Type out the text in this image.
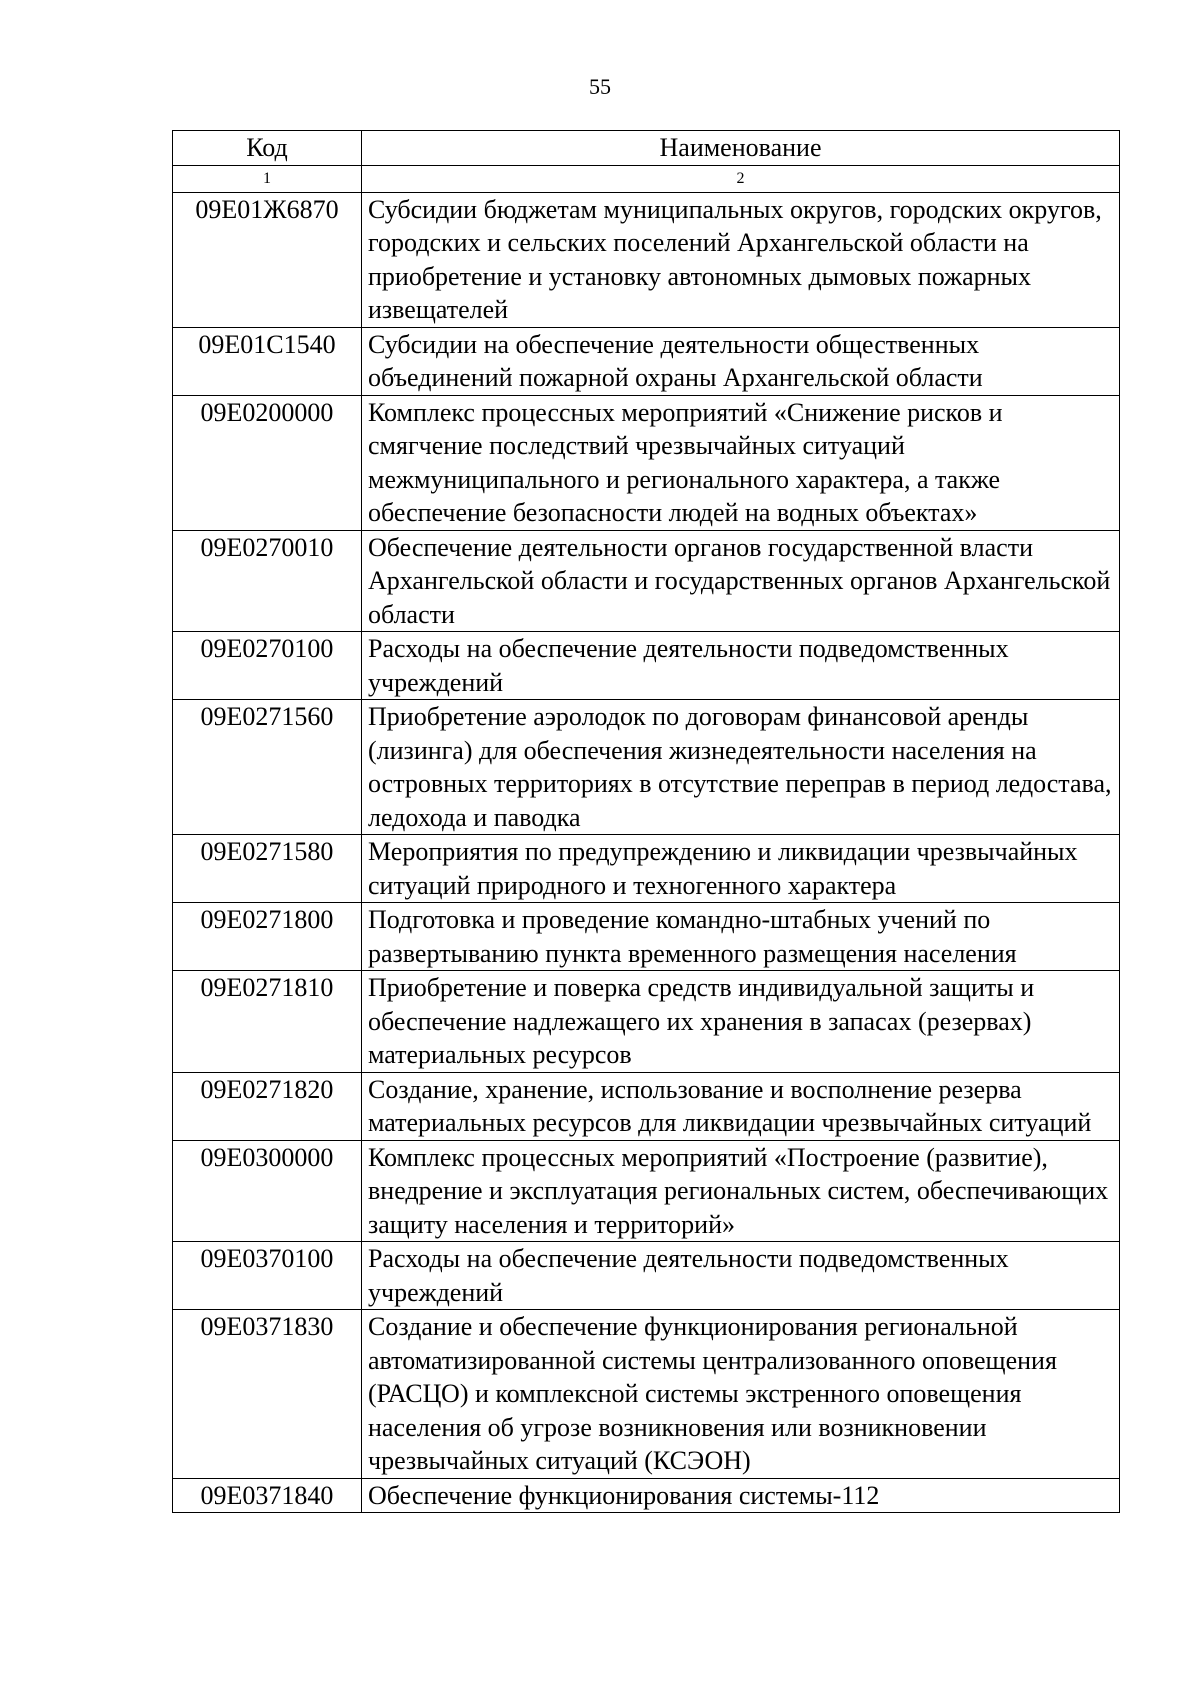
55
Код	Наименование
1	2
09Е01Ж6870	Субсидии бюджетам муниципальных округов, городских округов, городских и сельских поселений Архангельской области на приобретение и установку автономных дымовых пожарных извещателей
09Е01С1540	Субсидии на обеспечение деятельности общественных объединений пожарной охраны Архангельской области
09Е0200000	Комплекс процессных мероприятий «Снижение рисков и смягчение последствий чрезвычайных ситуаций межмуниципального и регионального характера, а также обеспечение безопасности людей на водных объектах»
09Е0270010	Обеспечение деятельности органов государственной власти Архангельской области и государственных органов Архангельской области
09Е0270100	Расходы на обеспечение деятельности подведомственных учреждений
09Е0271560	Приобретение аэролодок по договорам финансовой аренды (лизинга) для обеспечения жизнедеятельности населения на островных территориях в отсутствие переправ в период ледостава, ледохода и паводка
09Е0271580	Мероприятия по предупреждению и ликвидации чрезвычайных ситуаций природного и техногенного характера
09Е0271800	Подготовка и проведение командно-штабных учений по развертыванию пункта временного размещения населения
09Е0271810	Приобретение и поверка средств индивидуальной защиты и обеспечение надлежащего их хранения в запасах (резервах) материальных ресурсов
09Е0271820	Создание, хранение, использование и восполнение резерва материальных ресурсов для ликвидации чрезвычайных ситуаций
09Е0300000	Комплекс процессных мероприятий «Построение (развитие), внедрение и эксплуатация региональных систем, обеспечивающих защиту населения и территорий»
09Е0370100	Расходы на обеспечение деятельности подведомственных учреждений
09Е0371830	Создание и обеспечение функционирования региональной автоматизированной системы централизованного оповещения (РАСЦО) и комплексной системы экстренного оповещения населения об угрозе возникновения или возникновении чрезвычайных ситуаций (КСЭОН)
09Е0371840	Обеспечение функционирования системы-112
